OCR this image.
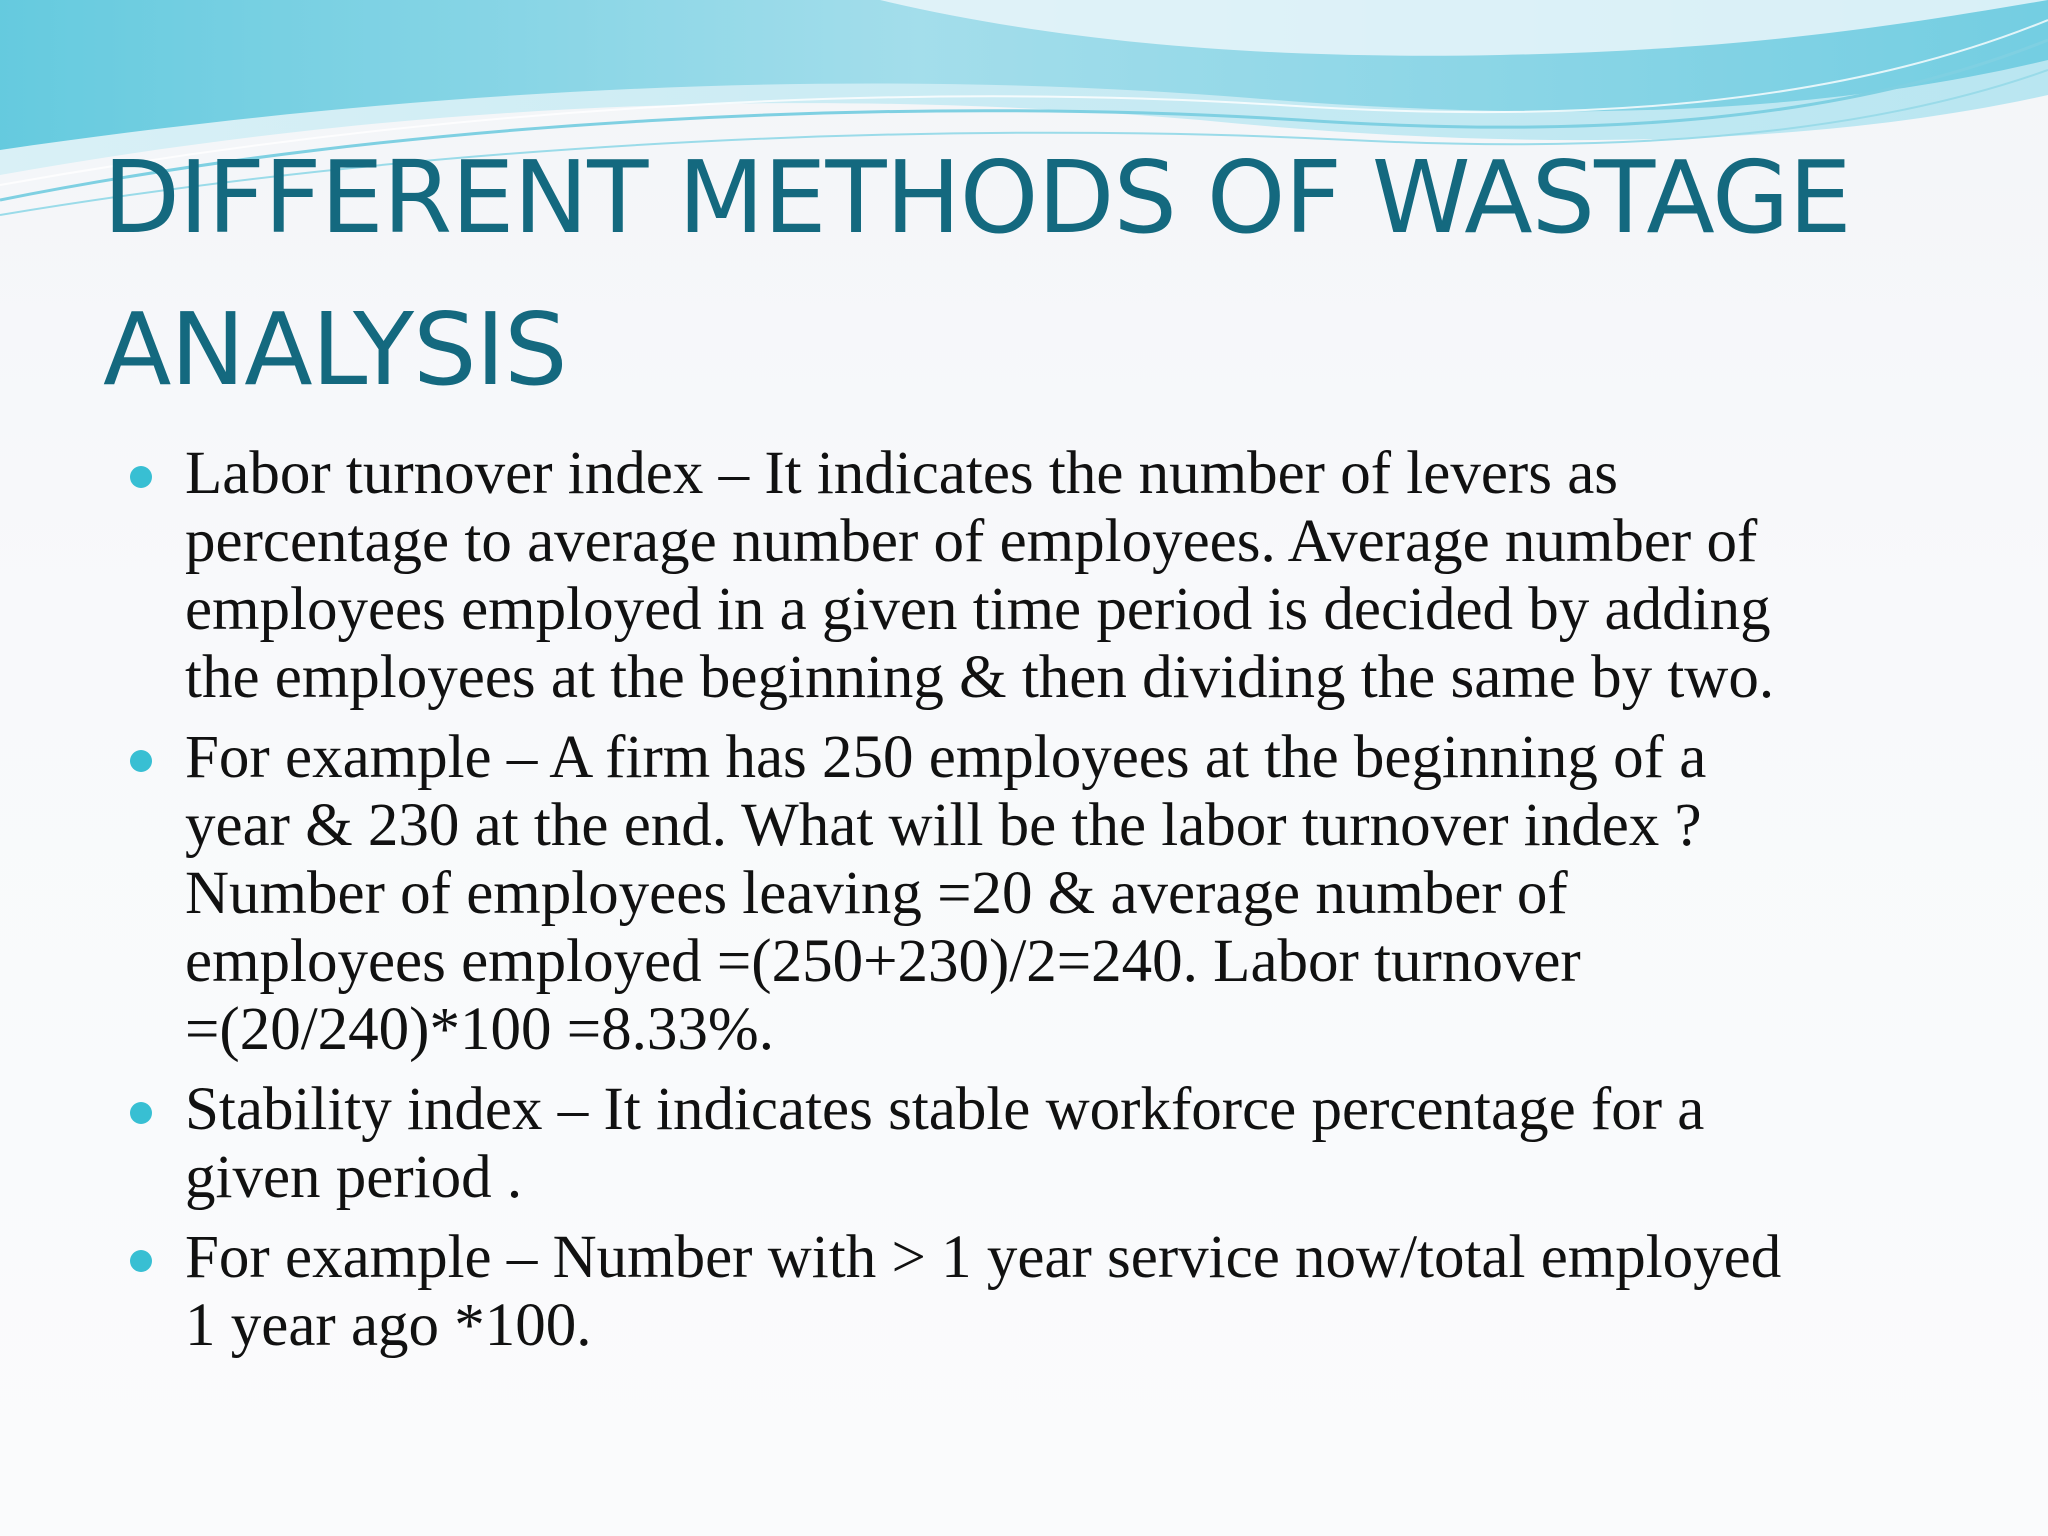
DIFFERENT METHODS OF WASTAGE ANALYSIS
Labor turnover index – It indicates the number of levers as
percentage to average number of employees. Average number of
employees employed in a given time period is decided by adding
the employees at the beginning & then dividing the same by two.
For example – A firm has 250 employees at the beginning of a
year & 230 at the end. What will be the labor turnover index ?
Number of employees leaving =20 & average number of
employees employed =(250+230)/2=240. Labor turnover
=(20/240)*100 =8.33%.
Stability index – It indicates stable workforce percentage for a
given period .
For example – Number with > 1 year service now/total employed
1 year ago *100.
